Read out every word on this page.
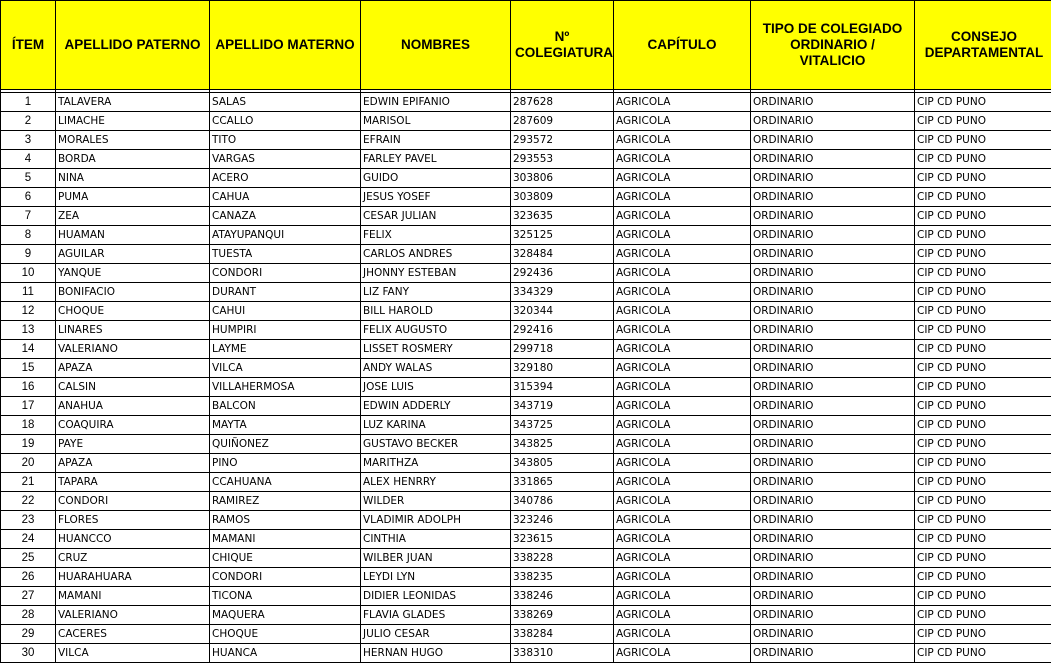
ÍTEM	APELLIDO PATERNO	APELLIDO MATERNO	NOMBRES	Nº COLEGIATURA	CAPÍTULO	TIPO DE COLEGIADO ORDINARIO / VITALICIO	CONSEJO DEPARTAMENTAL

1	TALAVERA	SALAS	EDWIN EPIFANIO	287628	AGRICOLA	ORDINARIO	CIP CD PUNO
2	LIMACHE	CCALLO	MARISOL	287609	AGRICOLA	ORDINARIO	CIP CD PUNO
3	MORALES	TITO	EFRAIN	293572	AGRICOLA	ORDINARIO	CIP CD PUNO
4	BORDA	VARGAS	FARLEY PAVEL	293553	AGRICOLA	ORDINARIO	CIP CD PUNO
5	NINA	ACERO	GUIDO	303806	AGRICOLA	ORDINARIO	CIP CD PUNO
6	PUMA	CAHUA	JESUS YOSEF	303809	AGRICOLA	ORDINARIO	CIP CD PUNO
7	ZEA	CANAZA	CESAR JULIAN	323635	AGRICOLA	ORDINARIO	CIP CD PUNO
8	HUAMAN	ATAYUPANQUI	FELIX	325125	AGRICOLA	ORDINARIO	CIP CD PUNO
9	AGUILAR	TUESTA	CARLOS ANDRES	328484	AGRICOLA	ORDINARIO	CIP CD PUNO
10	YANQUE	CONDORI	JHONNY ESTEBAN	292436	AGRICOLA	ORDINARIO	CIP CD PUNO
11	BONIFACIO	DURANT	LIZ FANY	334329	AGRICOLA	ORDINARIO	CIP CD PUNO
12	CHOQUE	CAHUI	BILL HAROLD	320344	AGRICOLA	ORDINARIO	CIP CD PUNO
13	LINARES	HUMPIRI	FELIX AUGUSTO	292416	AGRICOLA	ORDINARIO	CIP CD PUNO
14	VALERIANO	LAYME	LISSET ROSMERY	299718	AGRICOLA	ORDINARIO	CIP CD PUNO
15	APAZA	VILCA	ANDY WALAS	329180	AGRICOLA	ORDINARIO	CIP CD PUNO
16	CALSIN	VILLAHERMOSA	JOSE LUIS	315394	AGRICOLA	ORDINARIO	CIP CD PUNO
17	ANAHUA	BALCON	EDWIN ADDERLY	343719	AGRICOLA	ORDINARIO	CIP CD PUNO
18	COAQUIRA	MAYTA	LUZ KARINA	343725	AGRICOLA	ORDINARIO	CIP CD PUNO
19	PAYE	QUIÑONEZ	GUSTAVO BECKER	343825	AGRICOLA	ORDINARIO	CIP CD PUNO
20	APAZA	PINO	MARITHZA	343805	AGRICOLA	ORDINARIO	CIP CD PUNO
21	TAPARA	CCAHUANA	ALEX HENRRY	331865	AGRICOLA	ORDINARIO	CIP CD PUNO
22	CONDORI	RAMIREZ	WILDER	340786	AGRICOLA	ORDINARIO	CIP CD PUNO
23	FLORES	RAMOS	VLADIMIR ADOLPH	323246	AGRICOLA	ORDINARIO	CIP CD PUNO
24	HUANCCO	MAMANI	CINTHIA	323615	AGRICOLA	ORDINARIO	CIP CD PUNO
25	CRUZ	CHIQUE	WILBER JUAN	338228	AGRICOLA	ORDINARIO	CIP CD PUNO
26	HUARAHUARA	CONDORI	LEYDI LYN	338235	AGRICOLA	ORDINARIO	CIP CD PUNO
27	MAMANI	TICONA	DIDIER LEONIDAS	338246	AGRICOLA	ORDINARIO	CIP CD PUNO
28	VALERIANO	MAQUERA	FLAVIA GLADES	338269	AGRICOLA	ORDINARIO	CIP CD PUNO
29	CACERES	CHOQUE	JULIO CESAR	338284	AGRICOLA	ORDINARIO	CIP CD PUNO
30	VILCA	HUANCA	HERNAN HUGO	338310	AGRICOLA	ORDINARIO	CIP CD PUNO
